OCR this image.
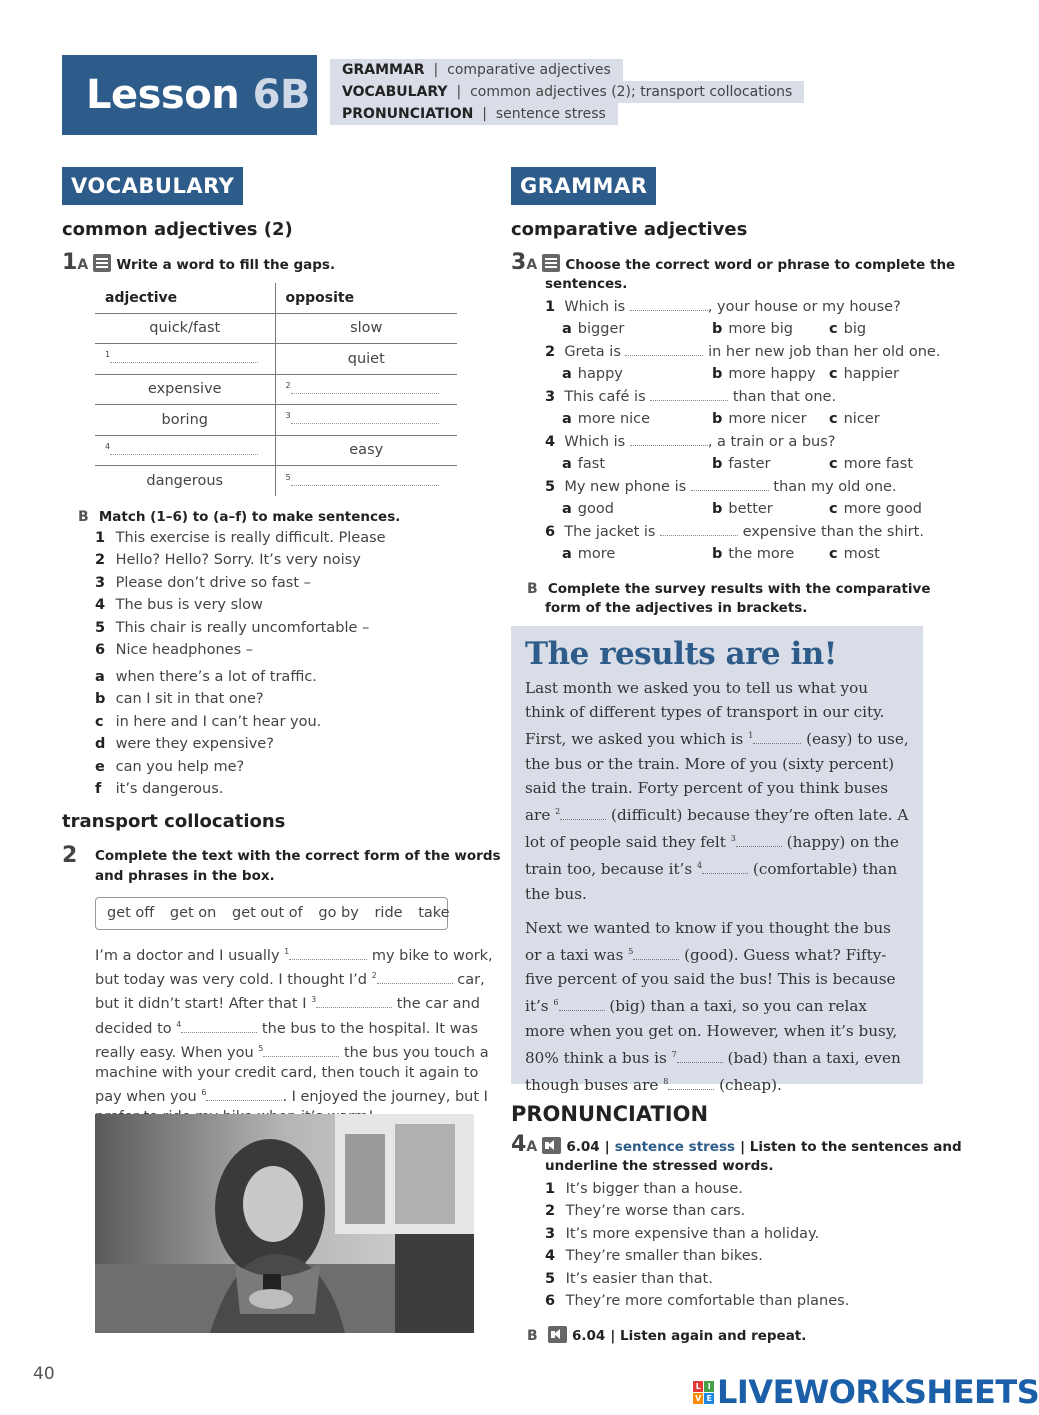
Lesson 6B
GRAMMAR | comparative adjectives
VOCABULARY | common adjectives (2); transport collocations
PRONUNCIATION | sentence stress
VOCABULARY
common adjectives (2)
1A Write a word to fill the gaps.
adjective	opposite
quick/fast	slow
$^1$	quiet
expensive	$^2$
boring	$^3$
$^4$	easy
dangerous	$^5$
B Match (1–6) to (a–f) to make sentences.
1 This exercise is really difficult. Please
2 Hello? Hello? Sorry. It’s very noisy
3 Please don’t drive so fast –
4 The bus is very slow
5 This chair is really uncomfortable –
6 Nice headphones –
a when there’s a lot of traffic.
b can I sit in that one?
c in here and I can’t hear you.
d were they expensive?
e can you help me?
f it’s dangerous.
transport collocations
2 Complete the text with the correct form of the words
and phrases in the box.
get off get on get out of go by ride take
I’m a doctor and I usually $^1$	my bike to work,
but today was very cold. I thought I’d $^2$	car,
but it didn’t start! After that I $^3$	the car and
decided to $^4$	the bus to the hospital. It was
really easy. When you $^5$	the bus you touch a
machine with your credit card, then touch it again to
pay when you $^6$	. I enjoyed the journey, but I
GRAMMAR
comparative adjectives
3A Choose the correct word or phrase to complete the
sentences.
1 Which is	, your house or my house?
a bigger	b more big c big
2 Greta is	in her new job than her old one.
a happy	b more happy c happier
3 This café is	than that one.
a more nice	b more nicer c nicer
4 Which is	, a train or a bus?
a fast	b faster	c more fast
5 My new phone is	than my old one.
a good	b better	c more good
6 The jacket is	expensive than the shirt.
a more	b the more c most
B Complete the survey results with the comparative
form of the adjectives in brackets.
The results are in!
Last month we asked you to tell us what you think of different types of transport in our city. First, we asked you which is $^1$	(easy) to use, the bus or the train. More of you (sixty percent) said the train. Forty percent of you think buses are $^2$	(difficult) because they’re often late. A lot of people said they felt $^3$	(happy) on the train too, because it’s $^4$	(comfortable) than the bus.
Next we wanted to know if you thought the bus or a taxi was $^5$	(good). Guess what? Fifty-five percent of you said the bus! This is because it’s $^6$	(big) than a taxi, so you can relax more when you get on. However, when it’s busy, 80% think a bus is $^7$	(bad) than a taxi, even though buses are $^8$	(cheap).
PRONUNCIATION
4A 6.04 | sentence stress | Listen to the sentences and
underline the stressed words.
1 It’s bigger than a house.
2 They’re worse than cars.
3 It’s more expensive than a holiday.
4 They’re smaller than bikes.
5 It’s easier than that.
6 They’re more comfortable than planes.
B	6.04 | Listen again and repeat.
40
L I
V E LIVEWORKSHEETS
